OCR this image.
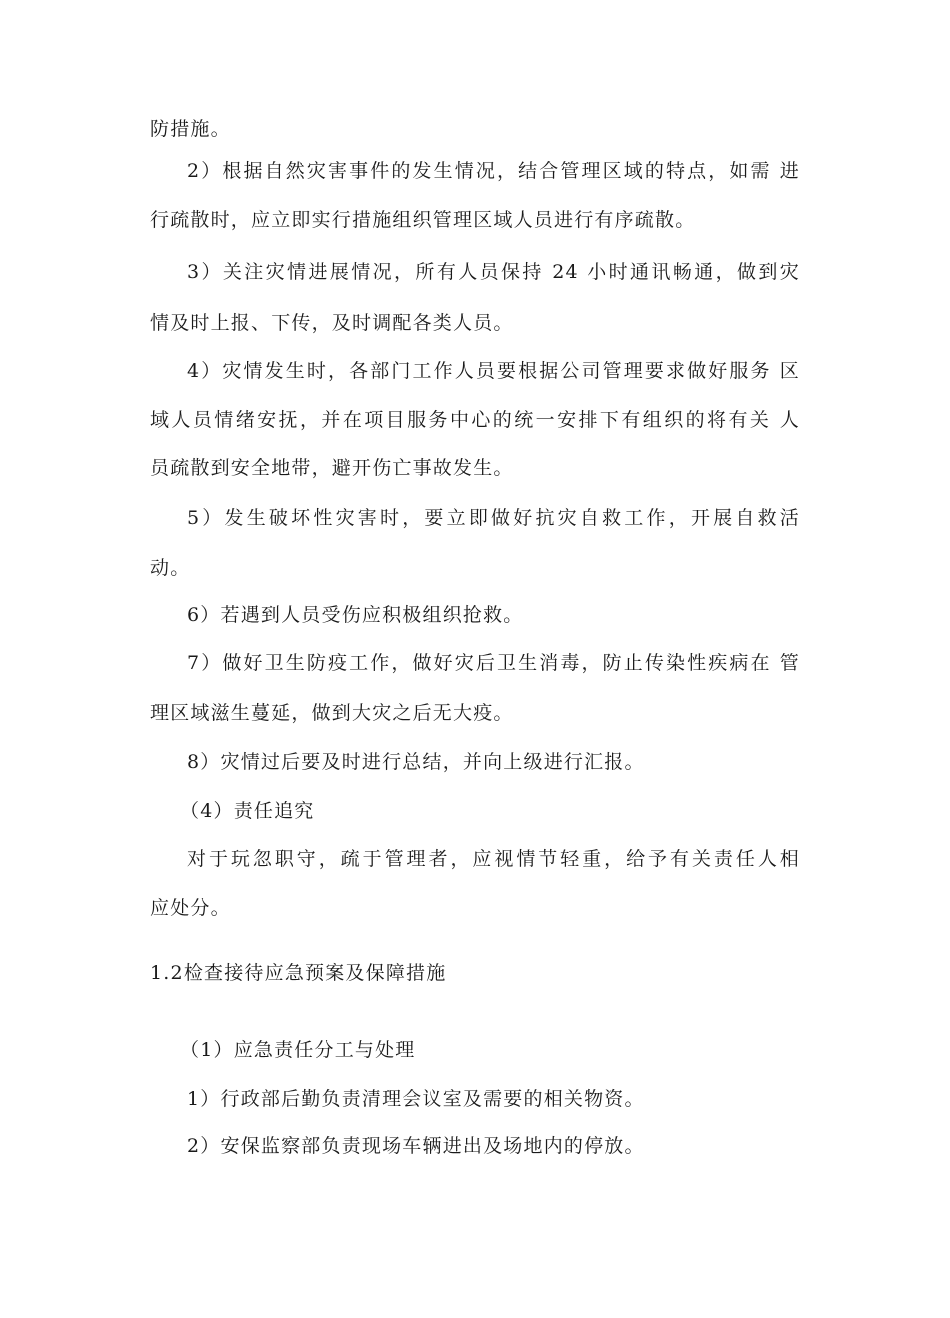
防措施。
2）根据自然灾害事件的发生情况，结合管理区域的特点，如需 进
行疏散时，应立即实行措施组织管理区域人员进行有序疏散。
3）关注灾情进展情况，所有人员保持 24 小时通讯畅通，做到灾
情及时上报、下传，及时调配各类人员。
4）灾情发生时，各部门工作人员要根据公司管理要求做好服务 区
域人员情绪安抚，并在项目服务中心的统一安排下有组织的将有关 人
员疏散到安全地带，避开伤亡事故发生。
5）发生破坏性灾害时，要立即做好抗灾自救工作，开展自救活
动。
6）若遇到人员受伤应积极组织抢救。
7）做好卫生防疫工作，做好灾后卫生消毒，防止传染性疾病在 管
理区域滋生蔓延，做到大灾之后无大疫。
8）灾情过后要及时进行总结，并向上级进行汇报。
（4）责任追究
对于玩忽职守，疏于管理者，应视情节轻重，给予有关责任人相
应处分。
1.2检查接待应急预案及保障措施
（1）应急责任分工与处理
1）行政部后勤负责清理会议室及需要的相关物资。
2）安保监察部负责现场车辆进出及场地内的停放。
